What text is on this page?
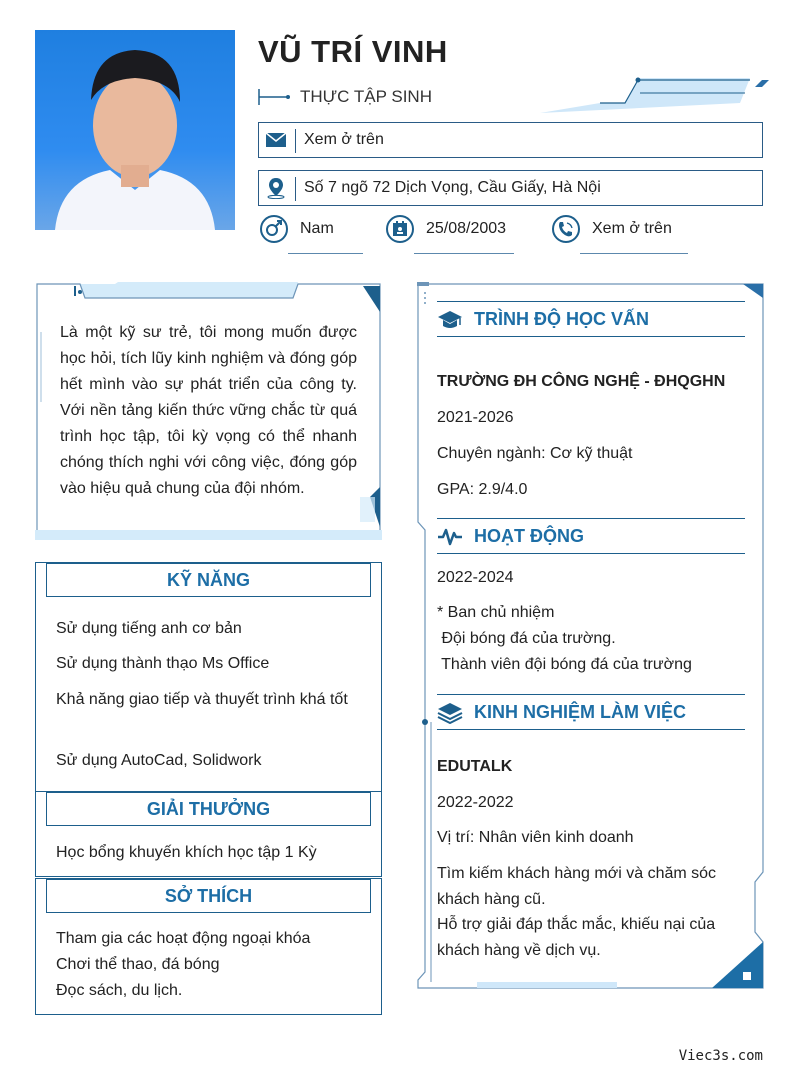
VŨ TRÍ VINH
THỰC TẬP SINH
Xem ở trên
Số 7 ngõ 72 Dịch Vọng, Cầu Giấy, Hà Nội
Nam	25/08/2003	Xem ở trên
Là một kỹ sư trẻ, tôi mong muốn được học hỏi, tích lũy kinh nghiệm và đóng góp hết mình vào sự phát triển của công ty. Với nền tảng kiến thức vững chắc từ quá trình học tập, tôi kỳ vọng có thể nhanh chóng thích nghi với công việc, đóng góp vào hiệu quả chung của đội nhóm.
KỸ NĂNG
Sử dụng tiếng anh cơ bản
Sử dụng thành thạo Ms Office
Khả năng giao tiếp và thuyết trình khá tốt
Sử dụng AutoCad, Solidwork
GIẢI THƯỞNG
Học bổng khuyến khích học tập 1 Kỳ
SỞ THÍCH
Tham gia các hoạt động ngoại khóa
Chơi thể thao, đá bóng
Đọc sách, du lịch.
TRÌNH ĐỘ HỌC VẤN
TRƯỜNG ĐH CÔNG NGHỆ - ĐHQGHN
2021-2026
Chuyên ngành: Cơ kỹ thuật
GPA: 2.9/4.0
HOẠT ĐỘNG
2022-2024
* Ban chủ nhiệm
Đội bóng đá của trường.
Thành viên đội bóng đá của trường
KINH NGHIỆM LÀM VIỆC
EDUTALK
2022-2022
Vị trí: Nhân viên kinh doanh
Tìm kiếm khách hàng mới và chăm sóc
khách hàng cũ.
Hỗ trợ giải đáp thắc mắc, khiếu nại của
khách hàng về dịch vụ.
Viec3s.com
